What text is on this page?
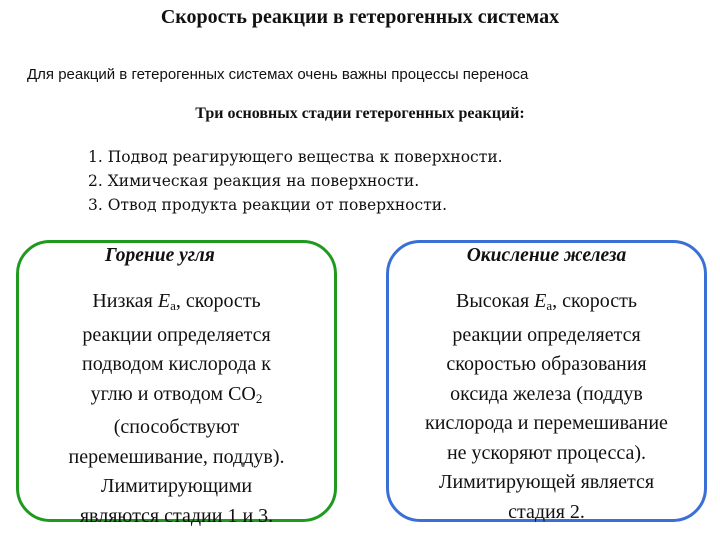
Скорость реакции в гетерогенных системах
Для реакций в гетерогенных системах очень важны процессы переноса
Три основных стадии гетерогенных реакций:
1. Подвод реагирующего вещества к поверхности.
2. Химическая реакция на поверхности.
3. Отвод продукта реакции от поверхности.
Горение угля
Низкая $E_a$, скорость
реакции определяется
подводом кислорода к
углю и отводом $CO_2$
(способствуют
перемешивание, поддув).
Лимитирующими
являются стадии 1 и 3.
Окисление железа
Высокая $E_a$, скорость
реакции определяется
скоростью образования
оксида железа (поддув
кислорода и перемешивание
не ускоряют процесса).
Лимитирующей является
стадия 2.
